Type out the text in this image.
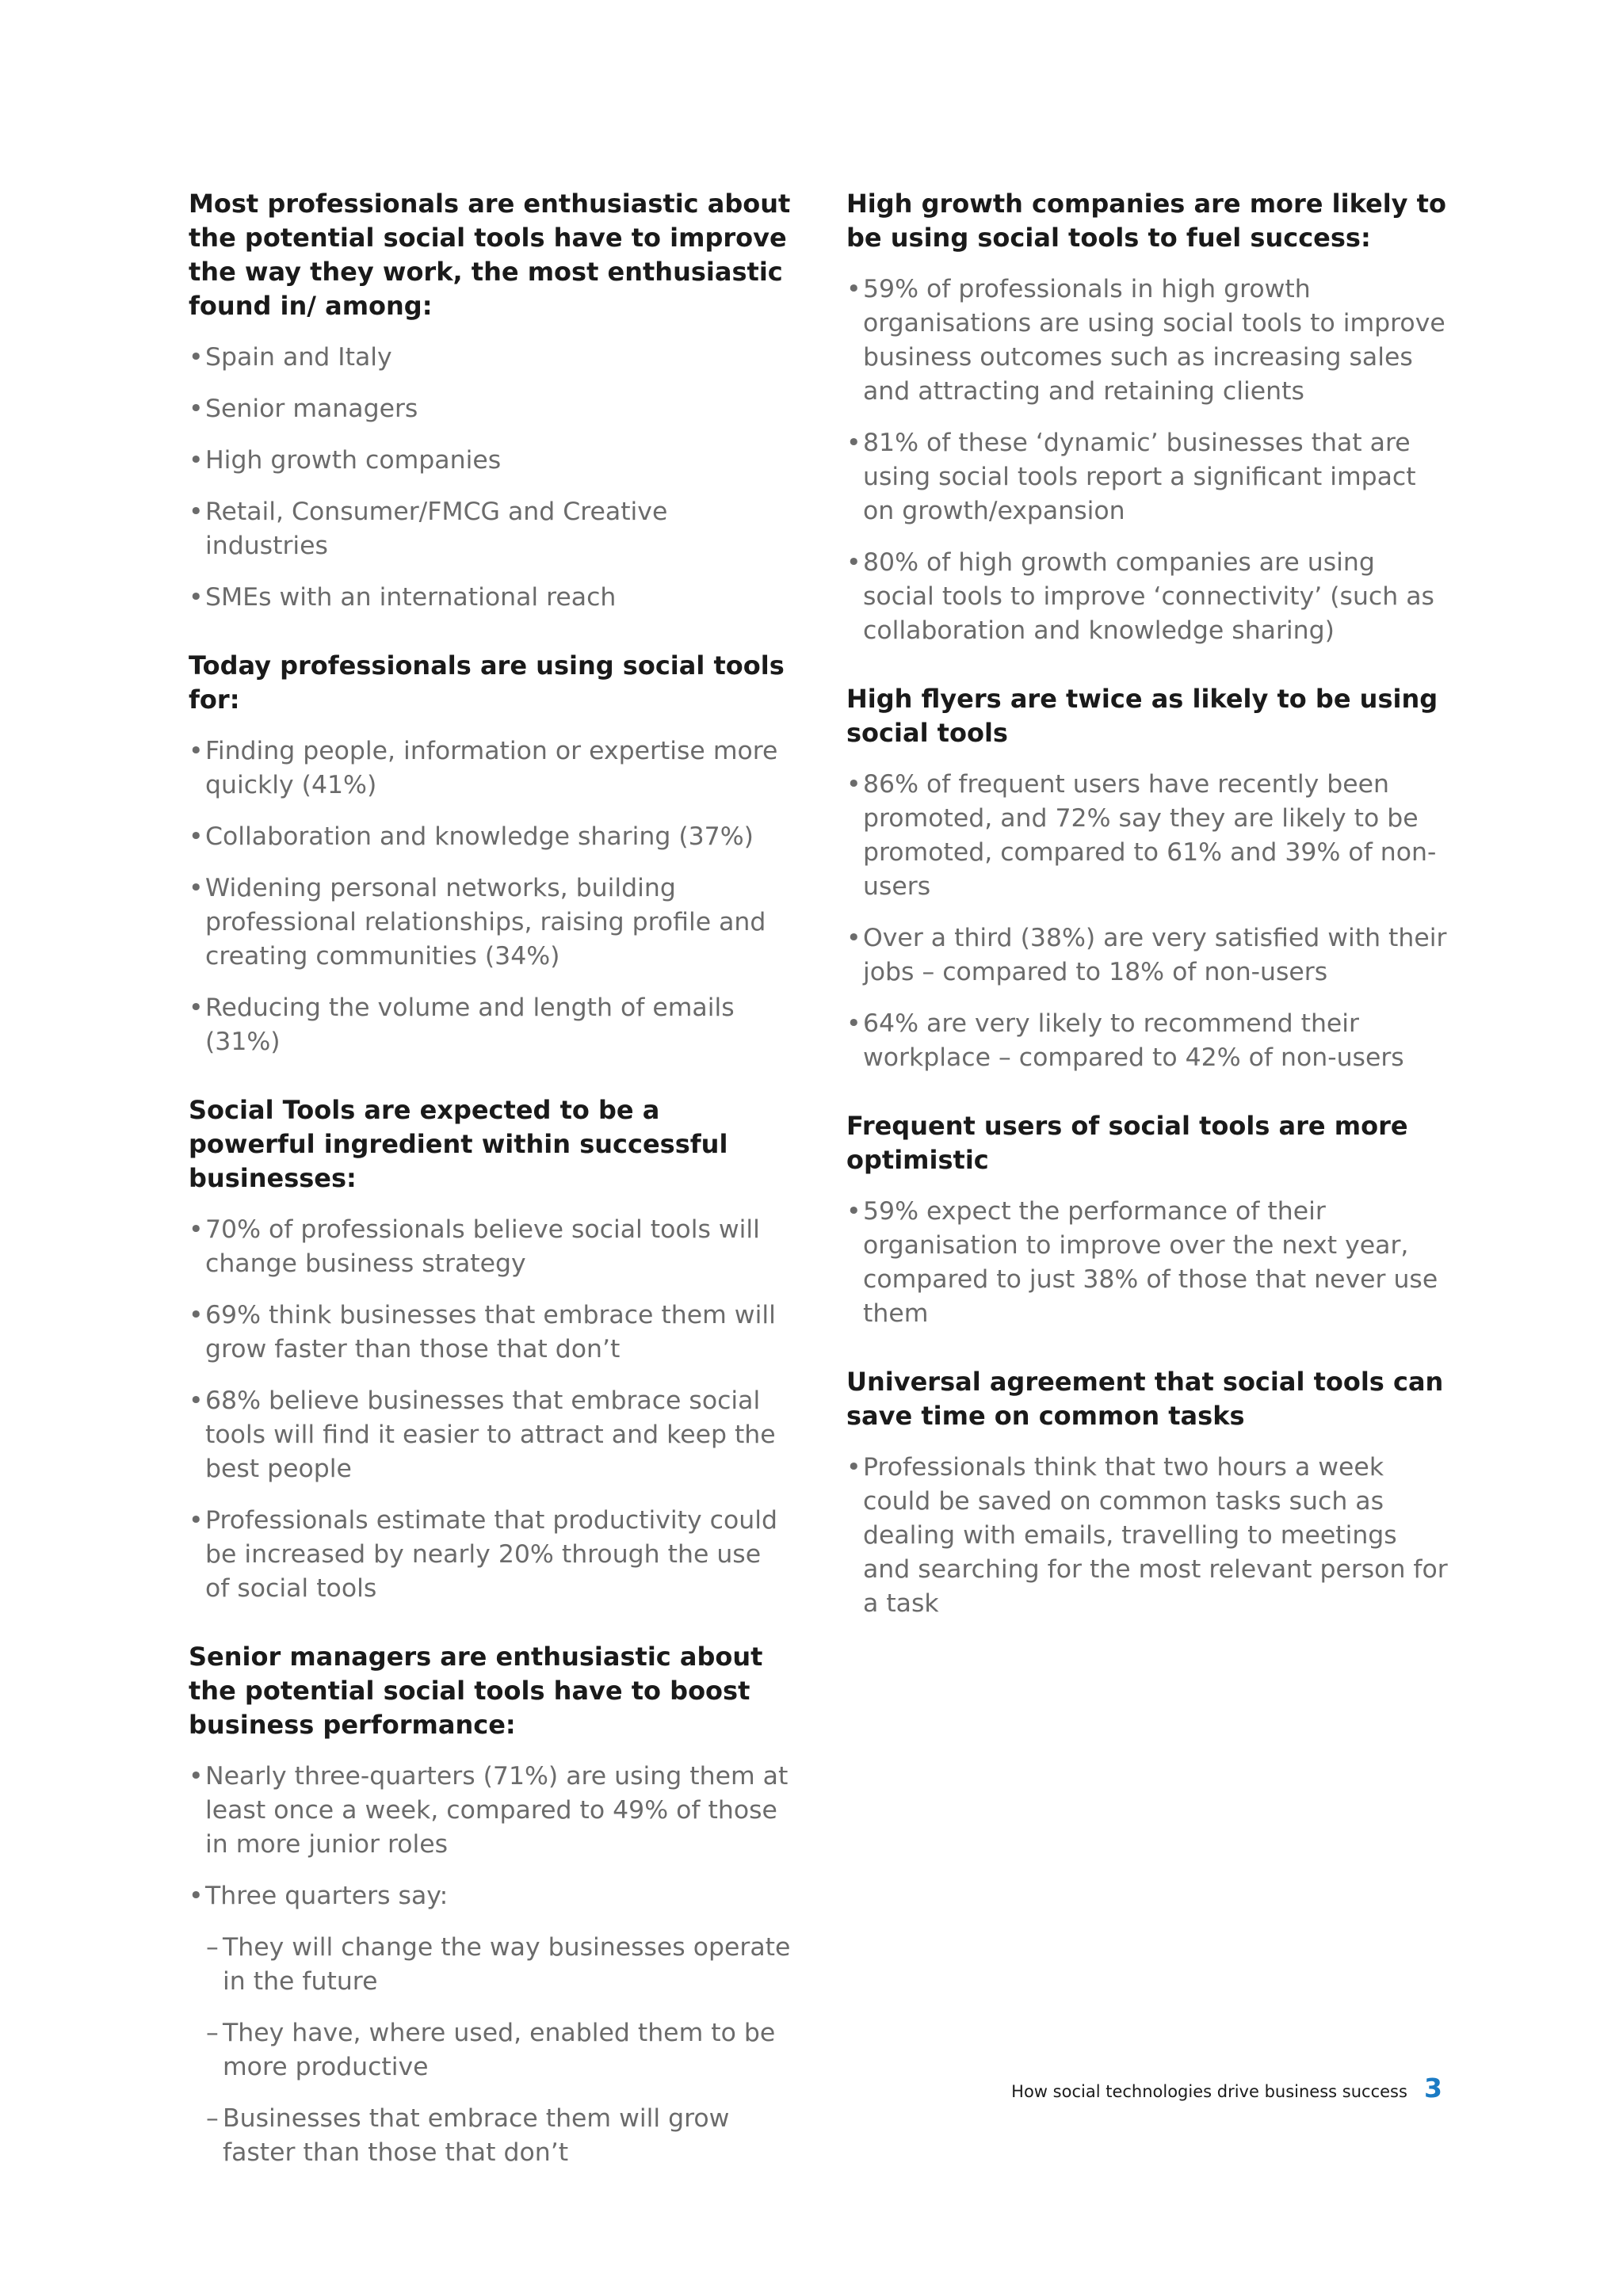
Most professionals are enthusiastic about the potential social tools have to improve the way they work, the most enthusiastic found in/ among:
• Spain and Italy
• Senior managers
• High growth companies
• Retail, Consumer/FMCG and Creative industries
• SMEs with an international reach
Today professionals are using social tools for:
• Finding people, information or expertise more quickly (41%)
• Collaboration and knowledge sharing (37%)
• Widening personal networks, building professional relationships, raising profile and creating communities (34%)
• Reducing the volume and length of emails (31%)
Social Tools are expected to be a powerful ingredient within successful businesses:
• 70% of professionals believe social tools will change business strategy
• 69% think businesses that embrace them will grow faster than those that don’t
• 68% believe businesses that embrace social tools will find it easier to attract and keep the best people
• Professionals estimate that productivity could be increased by nearly 20% through the use of social tools
Senior managers are enthusiastic about the potential social tools have to boost business performance:
• Nearly three-quarters (71%) are using them at least once a week, compared to 49% of those in more junior roles
• Three quarters say:
– They will change the way businesses operate in the future
– They have, where used, enabled them to be more productive
– Businesses that embrace them will grow faster than those that don’t
High growth companies are more likely to be using social tools to fuel success:
• 59% of professionals in high growth organisations are using social tools to improve business outcomes such as increasing sales and attracting and retaining clients
• 81% of these ‘dynamic’ businesses that are using social tools report a significant impact on growth/expansion
• 80% of high growth companies are using social tools to improve ‘connectivity’ (such as collaboration and knowledge sharing)
High flyers are twice as likely to be using social tools
• 86% of frequent users have recently been promoted, and 72% say they are likely to be promoted, compared to 61% and 39% of non-users
• Over a third (38%) are very satisfied with their jobs – compared to 18% of non-users
• 64% are very likely to recommend their workplace – compared to 42% of non-users
Frequent users of social tools are more optimistic
• 59% expect the performance of their organisation to improve over the next year, compared to just 38% of those that never use them
Universal agreement that social tools can save time on common tasks
• Professionals think that two hours a week could be saved on common tasks such as dealing with emails, travelling to meetings and searching for the most relevant person for a task
How social technologies drive business success 3
